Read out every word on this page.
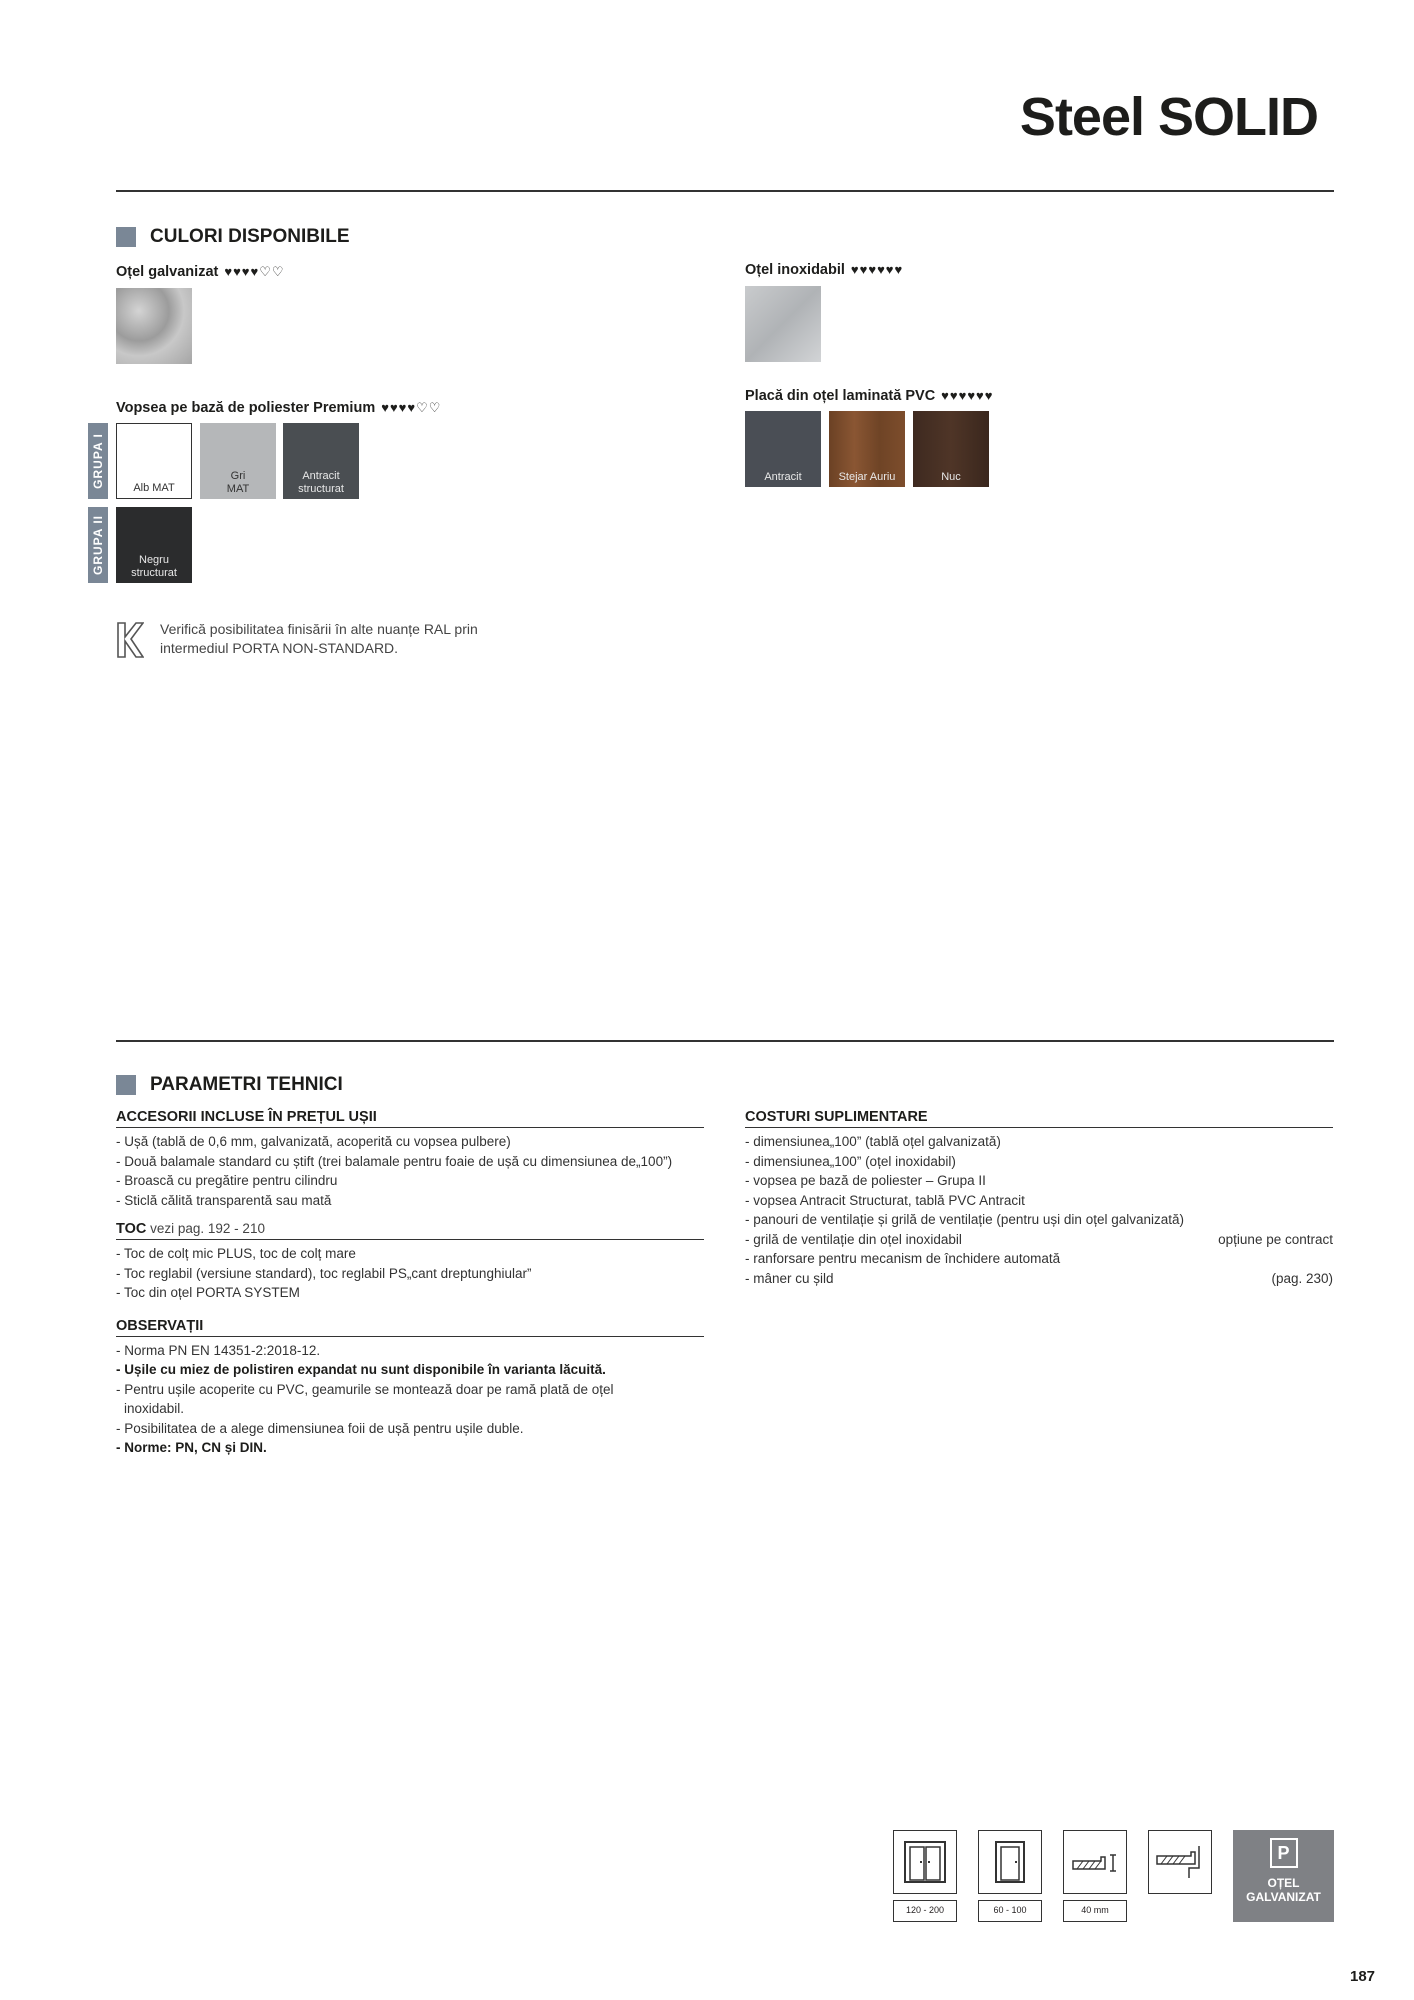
Steel SOLID
CULORI DISPONIBILE
Oțel galvanizat ♥♥♥♥♡♡	Oțel inoxidabil ♥♥♥♥♥♥
Vopsea pe bază de poliester Premium ♥♥♥♥♡♡
GRUPA I	Alb MAT
Gri
MAT
Antracit
structurat
GRUPA II	Negru
structurat
Placă din oțel laminată PVC ♥♥♥♥♥♥
Antracit	Stejar Auriu	Nuc
Verifică posibilitatea finisării în alte nuanțe RAL prin intermediul PORTA NON-STANDARD.
PARAMETRI TEHNICI
ACCESORII INCLUSE ÎN PREȚUL UȘII
- Ușă (tablă de 0,6 mm, galvanizată, acoperită cu vopsea pulbere)
- Două balamale standard cu știft (trei balamale pentru foaie de ușă cu dimensiunea de„100”)
- Broască cu pregătire pentru cilindru
- Sticlă călită transparentă sau mată
TOC vezi pag. 192 - 210
- Toc de colț mic PLUS, toc de colț mare
- Toc reglabil (versiune standard), toc reglabil PS„cant dreptunghiular”
- Toc din oțel PORTA SYSTEM
OBSERVAȚII
- Norma PN EN 14351-2:2018-12.
- Ușile cu miez de polistiren expandat nu sunt disponibile în varianta lăcuită.
- Pentru ușile acoperite cu PVC, geamurile se montează doar pe ramă plată de oțel
inoxidabil.
- Posibilitatea de a alege dimensiunea foii de ușă pentru ușile duble.
- Norme: PN, CN și DIN.
COSTURI SUPLIMENTARE
- dimensiunea„100” (tablă oțel galvanizată)
- dimensiunea„100” (oțel inoxidabil)
- vopsea pe bază de poliester – Grupa II
- vopsea Antracit Structurat, tablă PVC Antracit
- panouri de ventilație și grilă de ventilație (pentru uși din oțel galvanizată)
- grilă de ventilație din oțel inoxidabil	opțiune pe contract
- ranforsare pentru mecanism de închidere automată
- mâner cu șild	(pag. 230)
120 - 200	60 - 100	40 mm
P
OȚEL
GALVANIZAT
187
